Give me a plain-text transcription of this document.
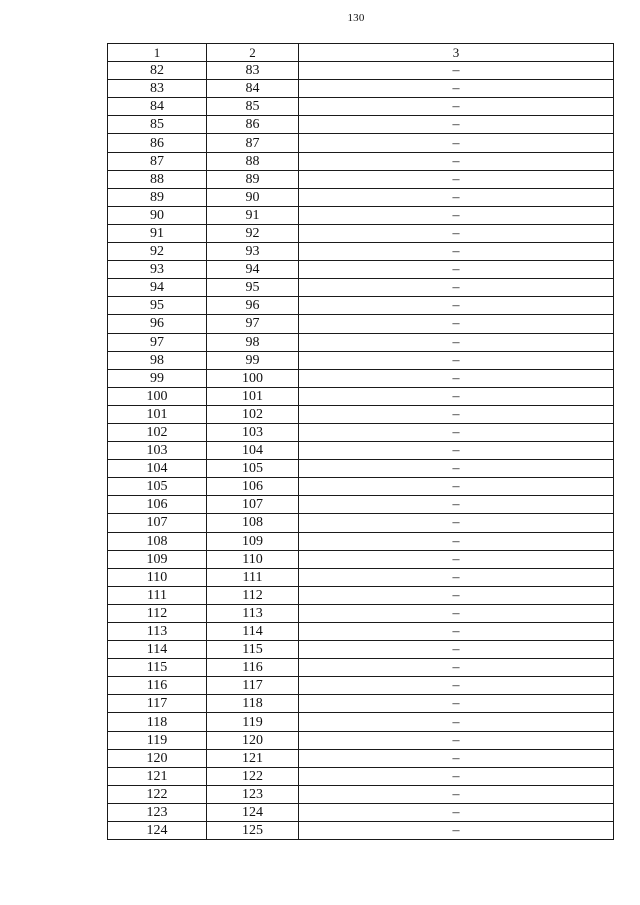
130
1	2	3
82	83	–
83	84	–
84	85	–
85	86	–
86	87	–
87	88	–
88	89	–
89	90	–
90	91	–
91	92	–
92	93	–
93	94	–
94	95	–
95	96	–
96	97	–
97	98	–
98	99	–
99	100	–
100	101	–
101	102	–
102	103	–
103	104	–
104	105	–
105	106	–
106	107	–
107	108	–
108	109	–
109	110	–
110	111	–
111	112	–
112	113	–
113	114	–
114	115	–
115	116	–
116	117	–
117	118	–
118	119	–
119	120	–
120	121	–
121	122	–
122	123	–
123	124	–
124	125	–
